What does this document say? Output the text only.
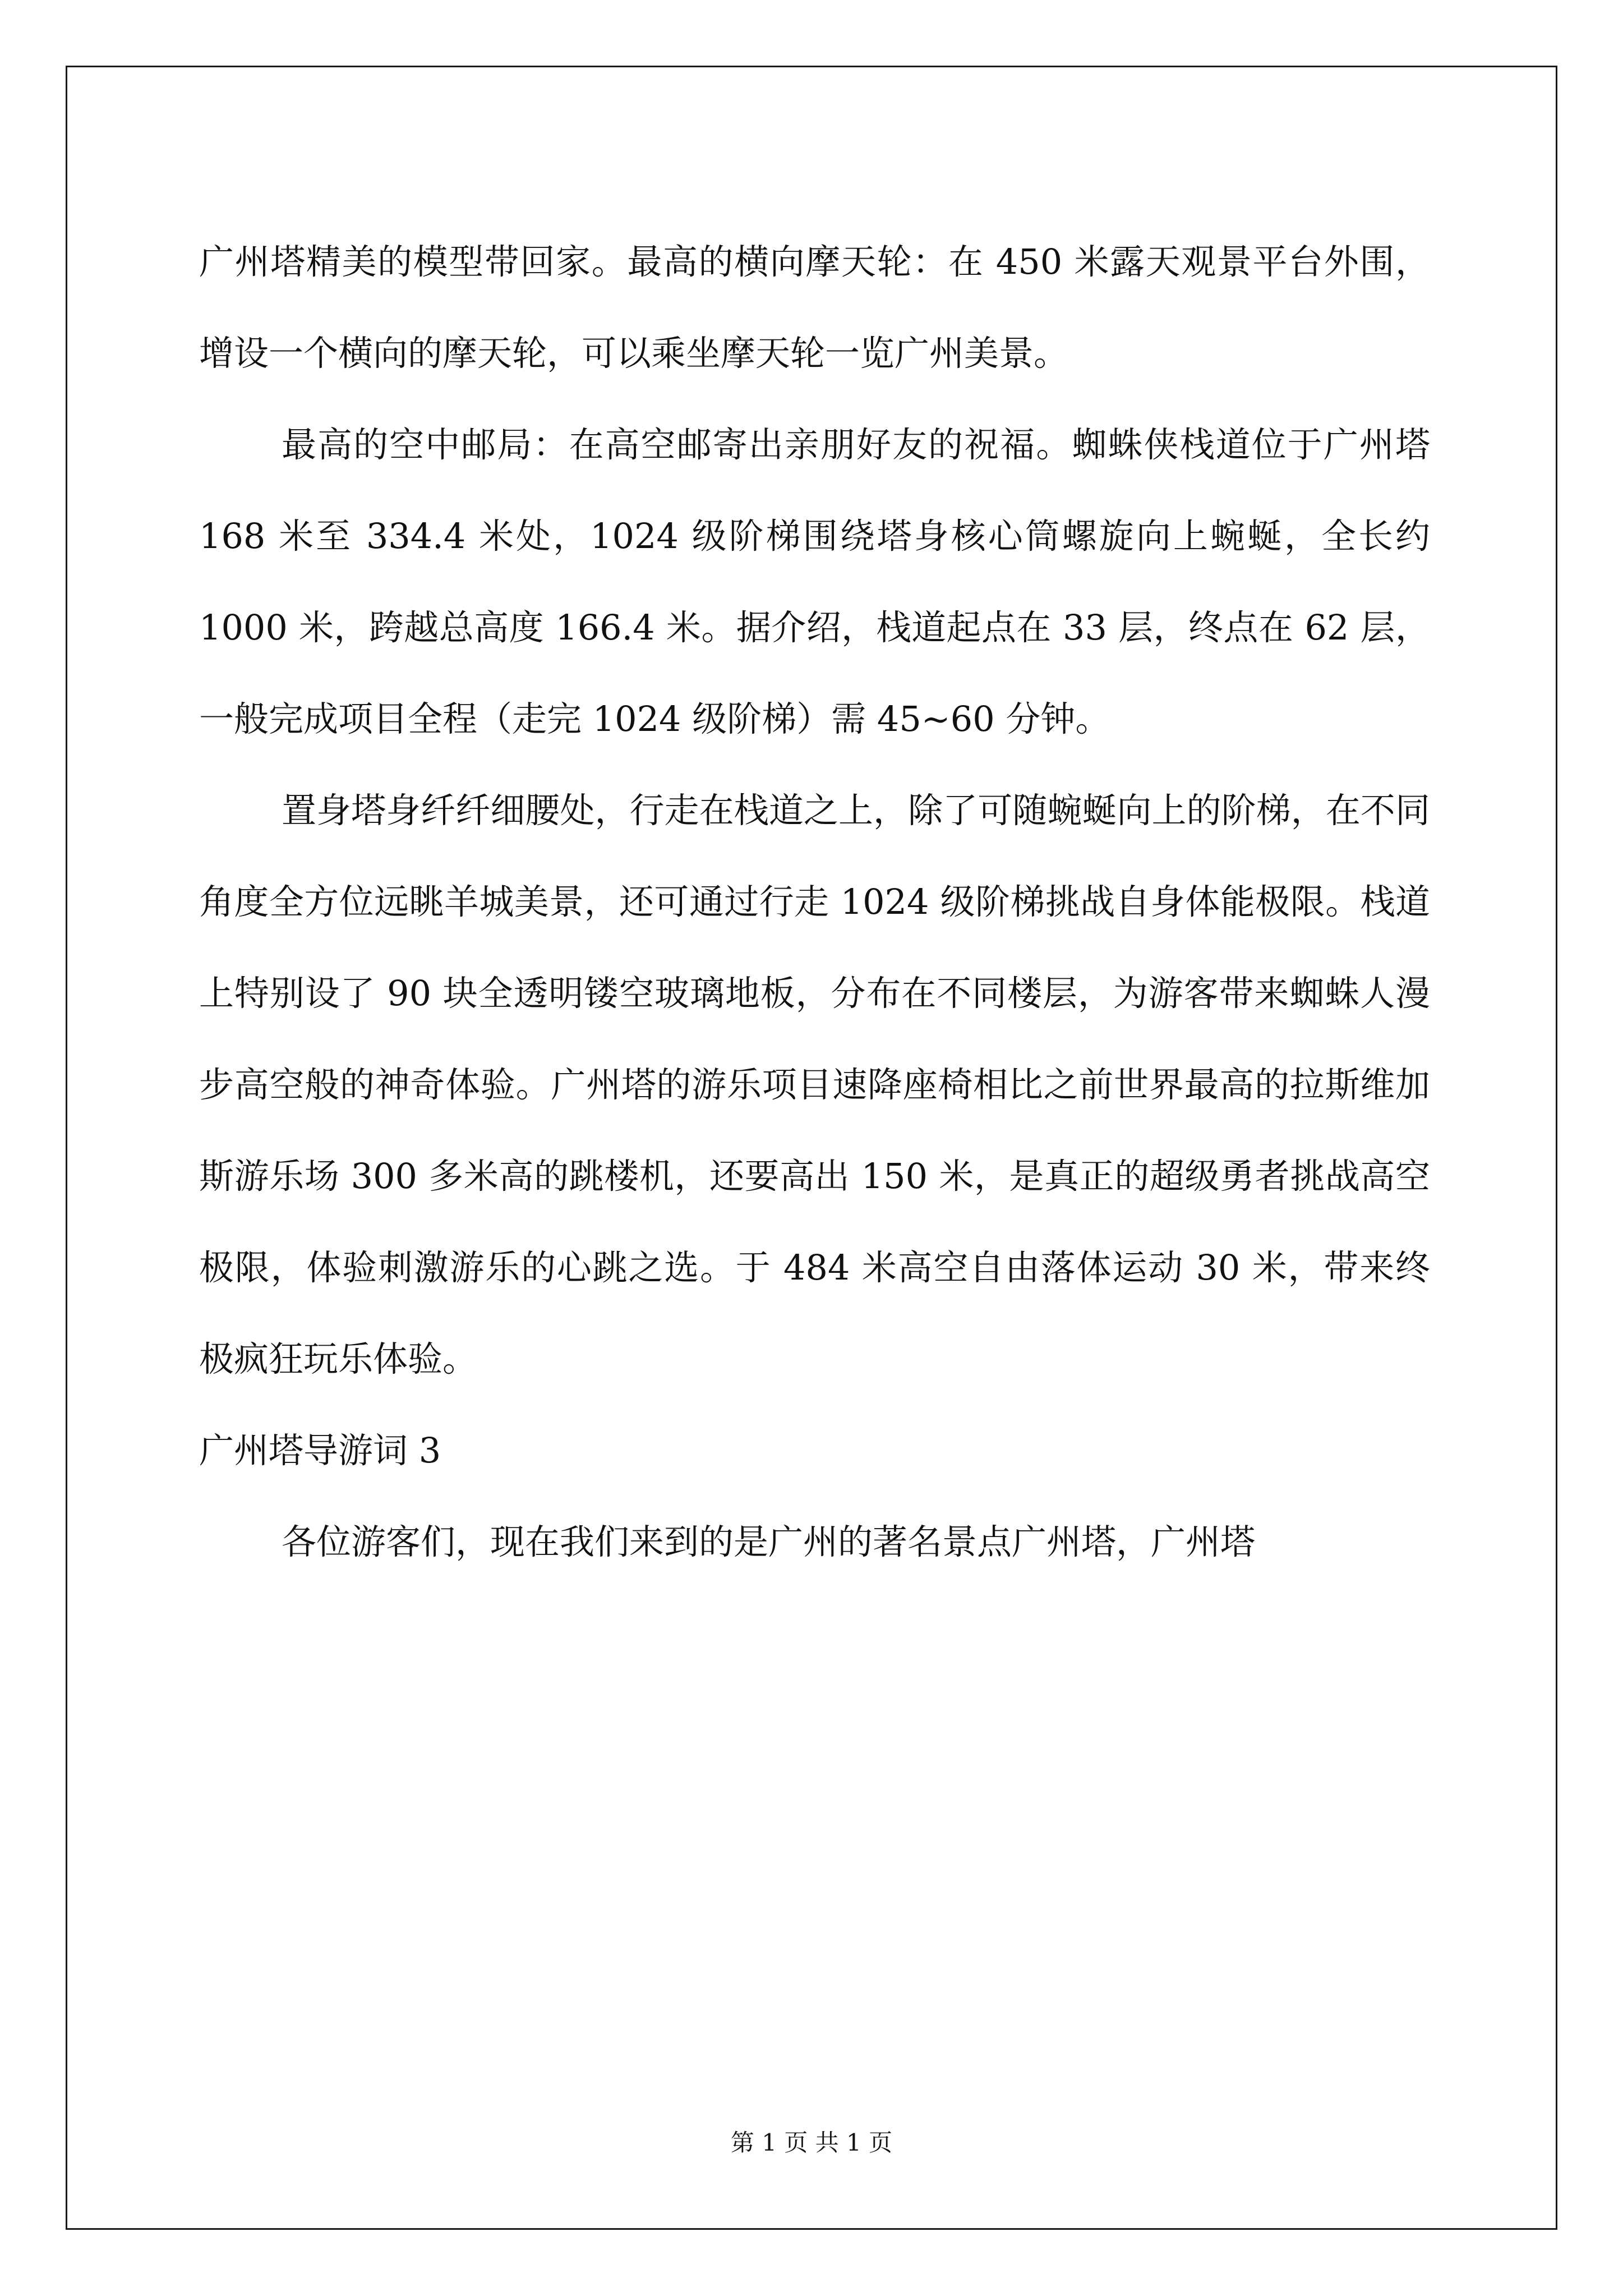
广州塔精美的模型带回家。最高的横向摩天轮：在 450 米露天观景平台外围，增设一个横向的摩天轮，可以乘坐摩天轮一览广州美景。

最高的空中邮局：在高空邮寄出亲朋好友的祝福。蜘蛛侠栈道位于广州塔 168 米至 334.4 米处，1024 级阶梯围绕塔身核心筒螺旋向上蜿蜒，全长约 1000 米，跨越总高度 166.4 米。据介绍，栈道起点在 33 层，终点在 62 层，一般完成项目全程（走完 1024 级阶梯）需 45~60 分钟。

置身塔身纤纤细腰处，行走在栈道之上，除了可随蜿蜒向上的阶梯，在不同角度全方位远眺羊城美景，还可通过行走 1024 级阶梯挑战自身体能极限。栈道上特别设了 90 块全透明镂空玻璃地板，分布在不同楼层，为游客带来蜘蛛人漫步高空般的神奇体验。广州塔的游乐项目速降座椅相比之前世界最高的拉斯维加斯游乐场 300 多米高的跳楼机，还要高出 150 米，是真正的超级勇者挑战高空极限，体验刺激游乐的心跳之选。于 484 米高空自由落体运动 30 米，带来终极疯狂玩乐体验。

广州塔导游词 3

各位游客们，现在我们来到的是广州的著名景点广州塔，广州塔

第 1 页 共 1 页
